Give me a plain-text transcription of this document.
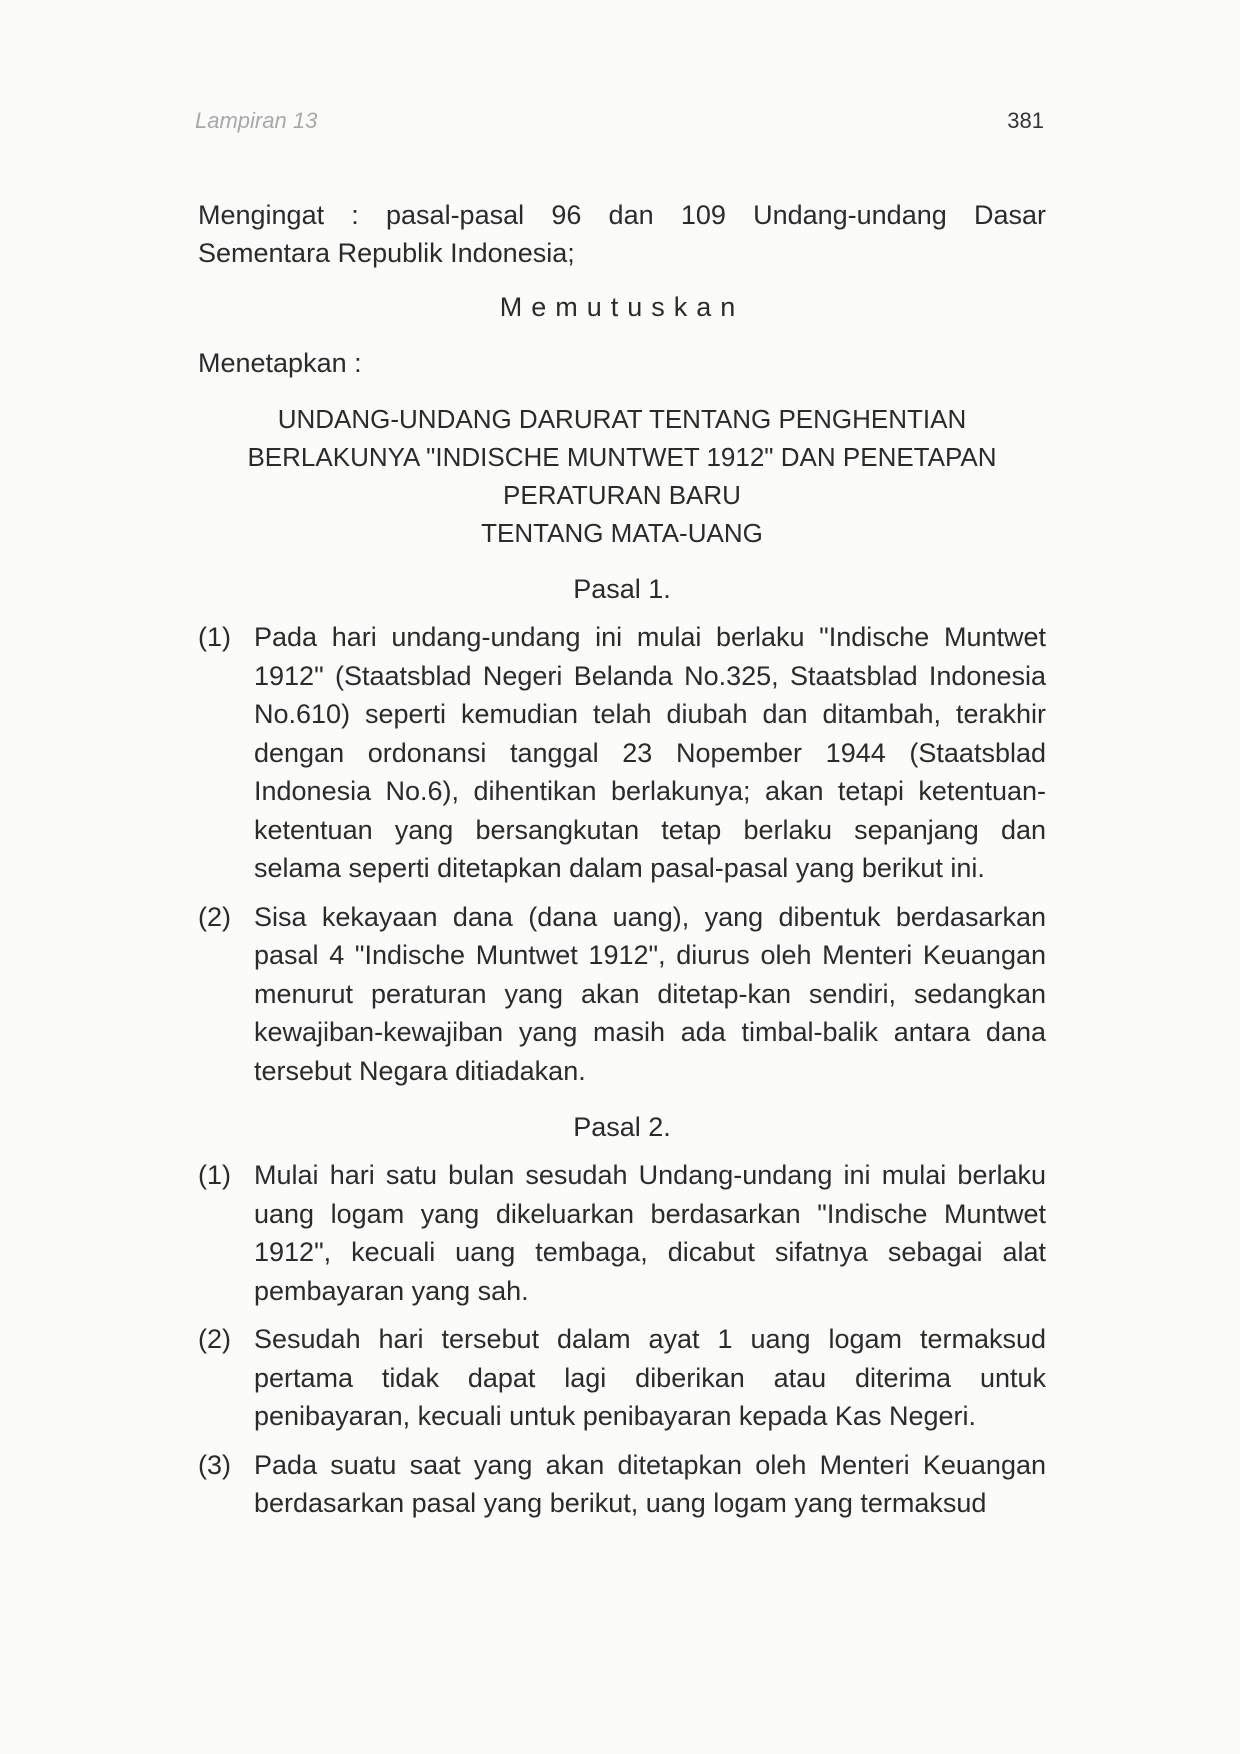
Lampiran 13	381

Mengingat : pasal-pasal 96 dan 109 Undang-undang Dasar Sementara Republik Indonesia;

Memutuskan

Menetapkan :

UNDANG-UNDANG DARURAT TENTANG PENGHENTIAN
BERLAKUNYA "INDISCHE MUNTWET 1912" DAN PENETAPAN
PERATURAN BARU
TENTANG MATA-UANG

Pasal 1.

(1) Pada hari undang-undang ini mulai berlaku "Indische Muntwet 1912" (Staatsblad Negeri Belanda No.325, Staatsblad Indonesia No.610) seperti kemudian telah diubah dan ditambah, terakhir dengan ordonansi tanggal 23 Nopember 1944 (Staatsblad Indonesia No.6), dihentikan berlakunya; akan tetapi ketentuan-ketentuan yang bersangkutan tetap berlaku sepanjang dan selama seperti ditetapkan dalam pasal-pasal yang berikut ini.
(2) Sisa kekayaan dana (dana uang), yang dibentuk berdasarkan pasal 4 "Indische Muntwet 1912", diurus oleh Menteri Keuangan menurut peraturan yang akan ditetap-kan sendiri, sedangkan kewajiban-kewajiban yang masih ada timbal-balik antara dana tersebut Negara ditiadakan.

Pasal 2.

(1) Mulai hari satu bulan sesudah Undang-undang ini mulai berlaku uang logam yang dikeluarkan berdasarkan "Indische Muntwet 1912", kecuali uang tembaga, dicabut sifatnya sebagai alat pembayaran yang sah.
(2) Sesudah hari tersebut dalam ayat 1 uang logam termaksud pertama tidak dapat lagi diberikan atau diterima untuk penibayaran, kecuali untuk penibayaran kepada Kas Negeri.
(3) Pada suatu saat yang akan ditetapkan oleh Menteri Keuangan berdasarkan pasal yang berikut, uang logam yang termaksud
